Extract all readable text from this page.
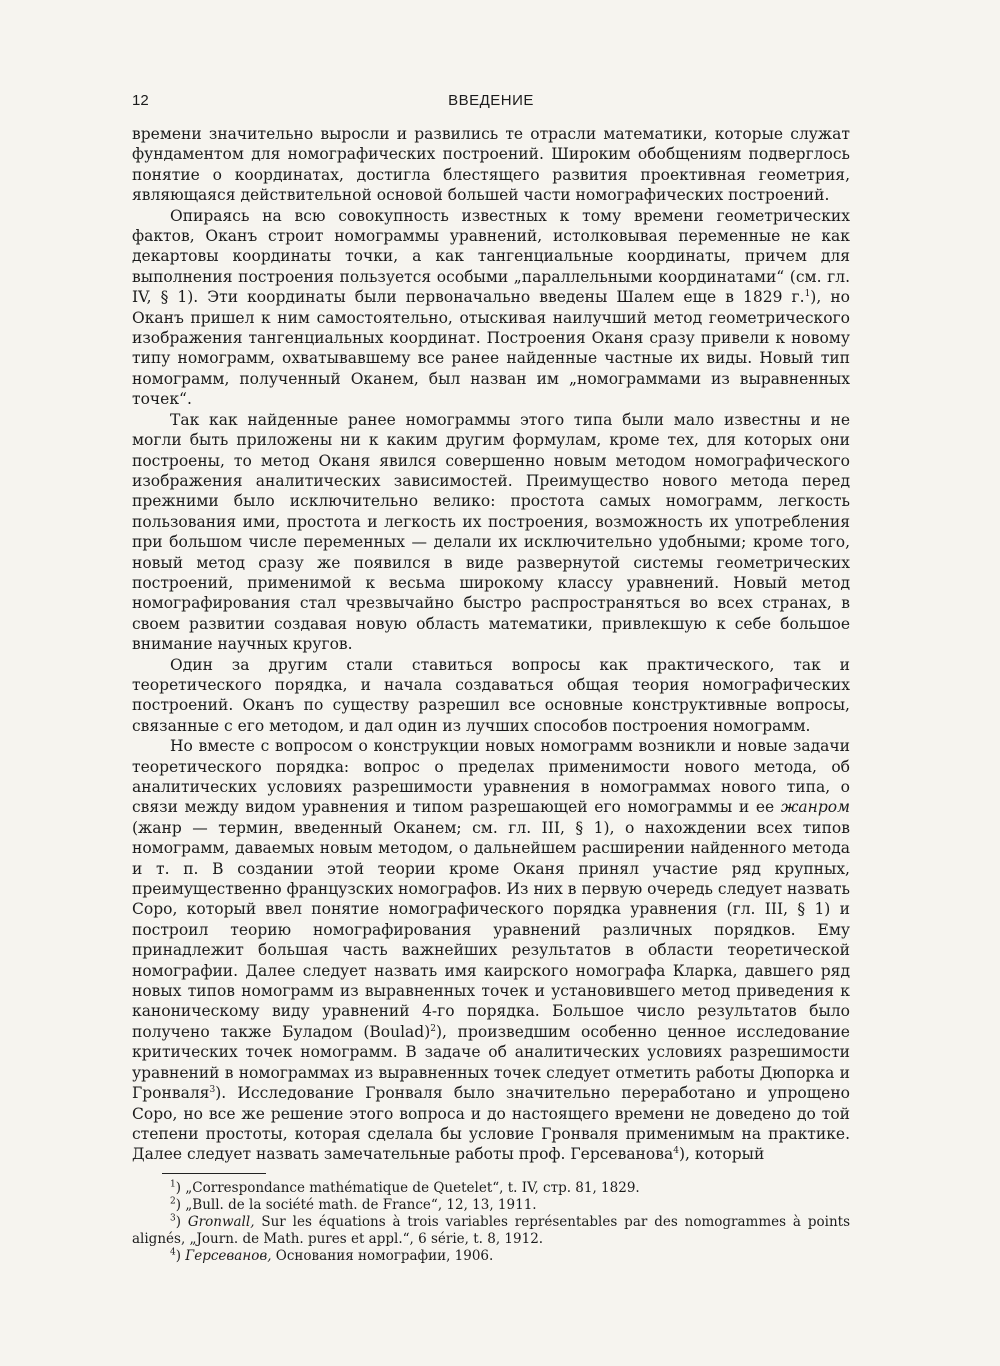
12	ВВЕДЕНИЕ

времени значительно выросли и развились те отрасли математики, которые служат фундаментом для номографических построений. Широким обобщениям подверглось понятие о координатах, достигла блестящего развития проективная геометрия, являющаяся действительной основой большей части номографических построений.

Опираясь на всю совокупность известных к тому времени геометрических фактов, Оканъ строит номограммы уравнений, истолковывая переменные не как декартовы координаты точки, а как тангенциальные координаты, причем для выполнения построения пользуется особыми „параллельными координатами“ (см. гл. IV, § 1). Эти координаты были первоначально введены Шалем еще в 1829 г.$^1$), но Оканъ пришел к ним самостоятельно, отыскивая наилучший метод геометрического изображения тангенциальных координат. Построения Оканя сразу привели к новому типу номограмм, охватывавшему все ранее найденные частные их виды. Новый тип номограмм, полученный Оканем, был назван им „номограммами из выравненных точек“.

Так как найденные ранее номограммы этого типа были мало известны и не могли быть приложены ни к каким другим формулам, кроме тех, для которых они построены, то метод Оканя явился совершенно новым методом номографического изображения аналитических зависимостей. Преимущество нового метода перед прежними было исключительно велико: простота самых номограмм, легкость пользования ими, простота и легкость их построения, возможность их употребления при большом числе переменных — делали их исключительно удобными; кроме того, новый метод сразу же появился в виде развернутой системы геометрических построений, применимой к весьма широкому классу уравнений. Новый метод номографирования стал чрезвычайно быстро распространяться во всех странах, в своем развитии создавая новую область математики, привлекшую к себе большое внимание научных кругов.

Один за другим стали ставиться вопросы как практического, так и теоретического порядка, и начала создаваться общая теория номографических построений. Оканъ по существу разрешил все основные конструктивные вопросы, связанные с его методом, и дал один из лучших способов построения номограмм.

Но вместе с вопросом о конструкции новых номограмм возникли и новые задачи теоретического порядка: вопрос о пределах применимости нового метода, об аналитических условиях разрешимости уравнения в номограммах нового типа, о связи между видом уравнения и типом разрешающей его номограммы и ее жанром (жанр — термин, введенный Оканем; см. гл. III, § 1), о нахождении всех типов номограмм, даваемых новым методом, о дальнейшем расширении найденного метода и т. п. В создании этой теории кроме Оканя принял участие ряд крупных, преимущественно французских номографов. Из них в первую очередь следует назвать Соро, который ввел понятие номографического порядка уравнения (гл. III, § 1) и построил теорию номографирования уравнений различных порядков. Ему принадлежит большая часть важнейших результатов в области теоретической номографии. Далее следует назвать имя каирского номографа Кларка, давшего ряд новых типов номограмм из выравненных точек и установившего метод приведения к каноническому виду уравнений 4-го порядка. Большое число результатов было получено также Буладом (Boulad)$^2$), произведшим особенно ценное исследование критических точек номограмм. В задаче об аналитических условиях разрешимости уравнений в номограммах из выравненных точек следует отметить работы Дюпорка и Гронваля$^3$). Исследование Гронваля было значительно переработано и упрощено Соро, но все же решение этого вопроса и до настоящего времени не доведено до той степени простоты, которая сделала бы условие Гронваля применимым на практике. Далее следует назвать замечательные работы проф. Герсеванова$^4$), который

$^1$) „Correspondance mathématique de Quetelet“, t. IV, стр. 81, 1829.

$^2$) „Bull. de la société math. de France“, 12, 13, 1911.

$^3$) Gronwall, Sur les équations à trois variables représentables par des nomogrammes à points alignés, „Journ. de Math. pures et appl.“, 6 série, t. 8, 1912.

$^4$) Герсеванов, Основания номографии, 1906.
